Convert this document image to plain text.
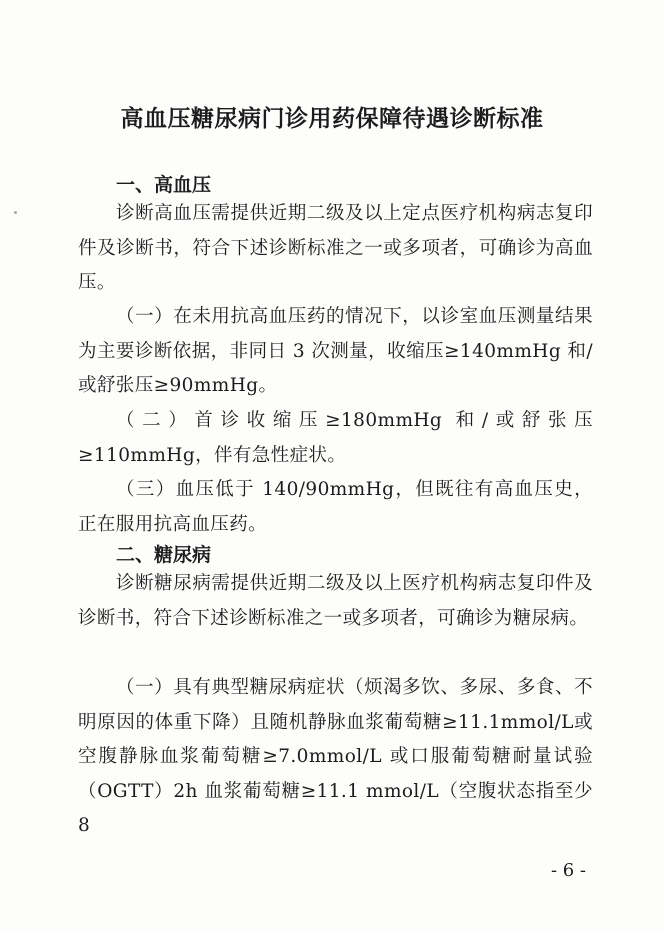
高血压糖尿病门诊用药保障待遇诊断标准
一、高血压
诊断高血压需提供近期二级及以上定点医疗机构病志复印件及诊断书，符合下述诊断标准之一或多项者，可确诊为高血压。
（一）在未用抗高血压药的情况下，以诊室血压测量结果为主要诊断依据，非同日 3 次测量，收缩压≥140mmHg 和/或舒张压≥90mmHg。
（二）首诊收缩压≥180mmHg 和/或舒张压≥110mmHg，伴有急性症状。
（三）血压低于 140/90mmHg，但既往有高血压史，正在服用抗高血压药。
二、糖尿病
诊断糖尿病需提供近期二级及以上医疗机构病志复印件及诊断书，符合下述诊断标准之一或多项者，可确诊为糖尿病。
（一）具有典型糖尿病症状（烦渴多饮、多尿、多食、不明原因的体重下降）且随机静脉血浆葡萄糖≥11.1mmol/L或空腹静脉血浆葡萄糖≥7.0mmol/L 或口服葡萄糖耐量试验（OGTT）2h 血浆葡萄糖≥11.1 mmol/L（空腹状态指至少 8
- 6 -
